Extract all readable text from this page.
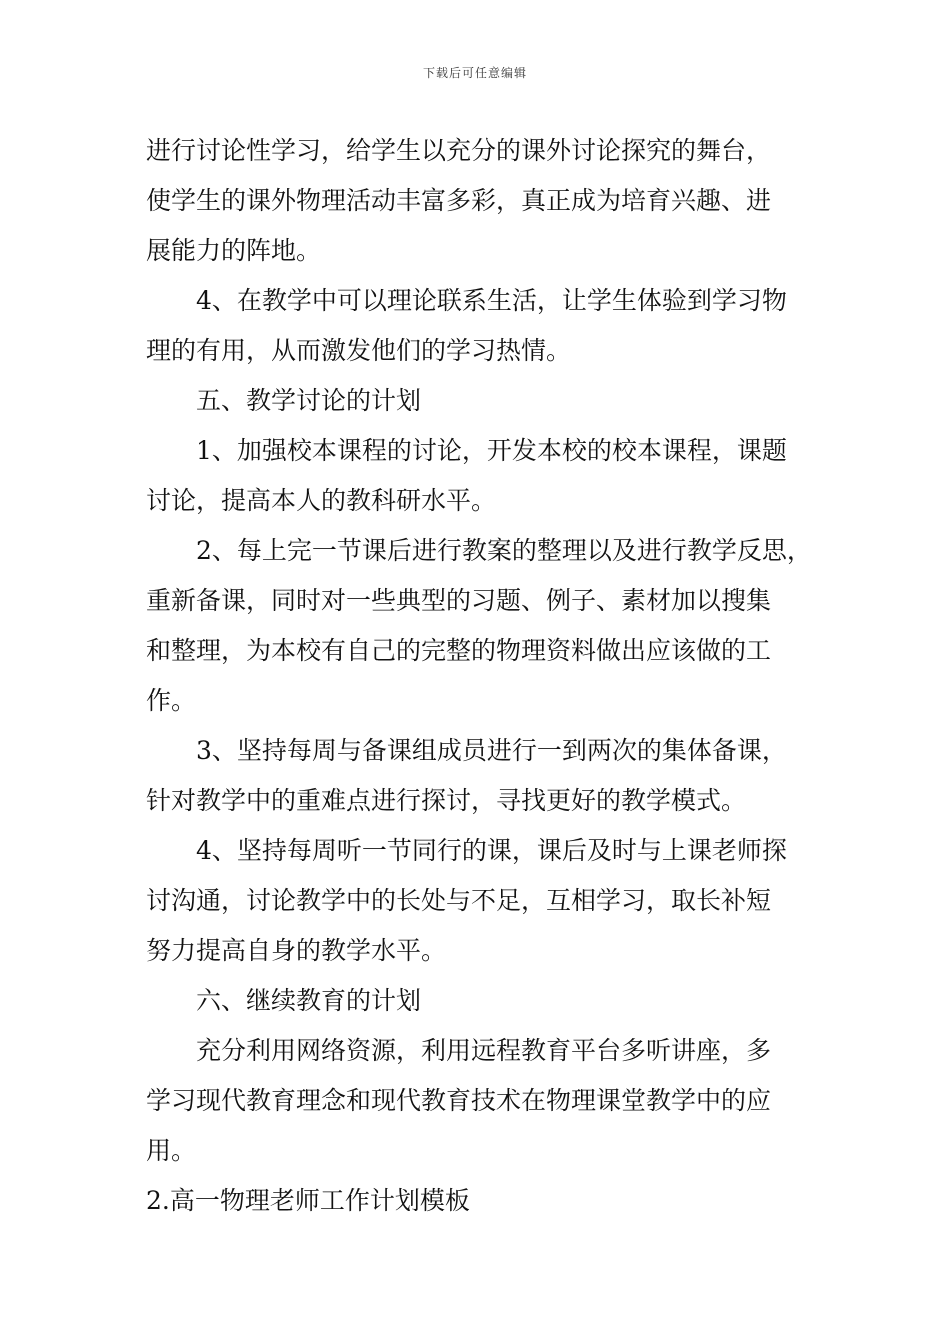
下载后可任意编辑
进行讨论性学习，给学生以充分的课外讨论探究的舞台，
使学生的课外物理活动丰富多彩，真正成为培育兴趣、进
展能力的阵地。
4、在教学中可以理论联系生活，让学生体验到学习物
理的有用，从而激发他们的学习热情。
五、教学讨论的计划
1、加强校本课程的讨论，开发本校的校本课程，课题
讨论，提高本人的教科研水平。
2、每上完一节课后进行教案的整理以及进行教学反思，
重新备课，同时对一些典型的习题、例子、素材加以搜集
和整理，为本校有自己的完整的物理资料做出应该做的工
作。
3、坚持每周与备课组成员进行一到两次的集体备课，
针对教学中的重难点进行探讨，寻找更好的教学模式。
4、坚持每周听一节同行的课，课后及时与上课老师探
讨沟通，讨论教学中的长处与不足，互相学习，取长补短
努力提高自身的教学水平。
六、继续教育的计划
充分利用网络资源，利用远程教育平台多听讲座，多
学习现代教育理念和现代教育技术在物理课堂教学中的应
用。
2.高一物理老师工作计划模板
